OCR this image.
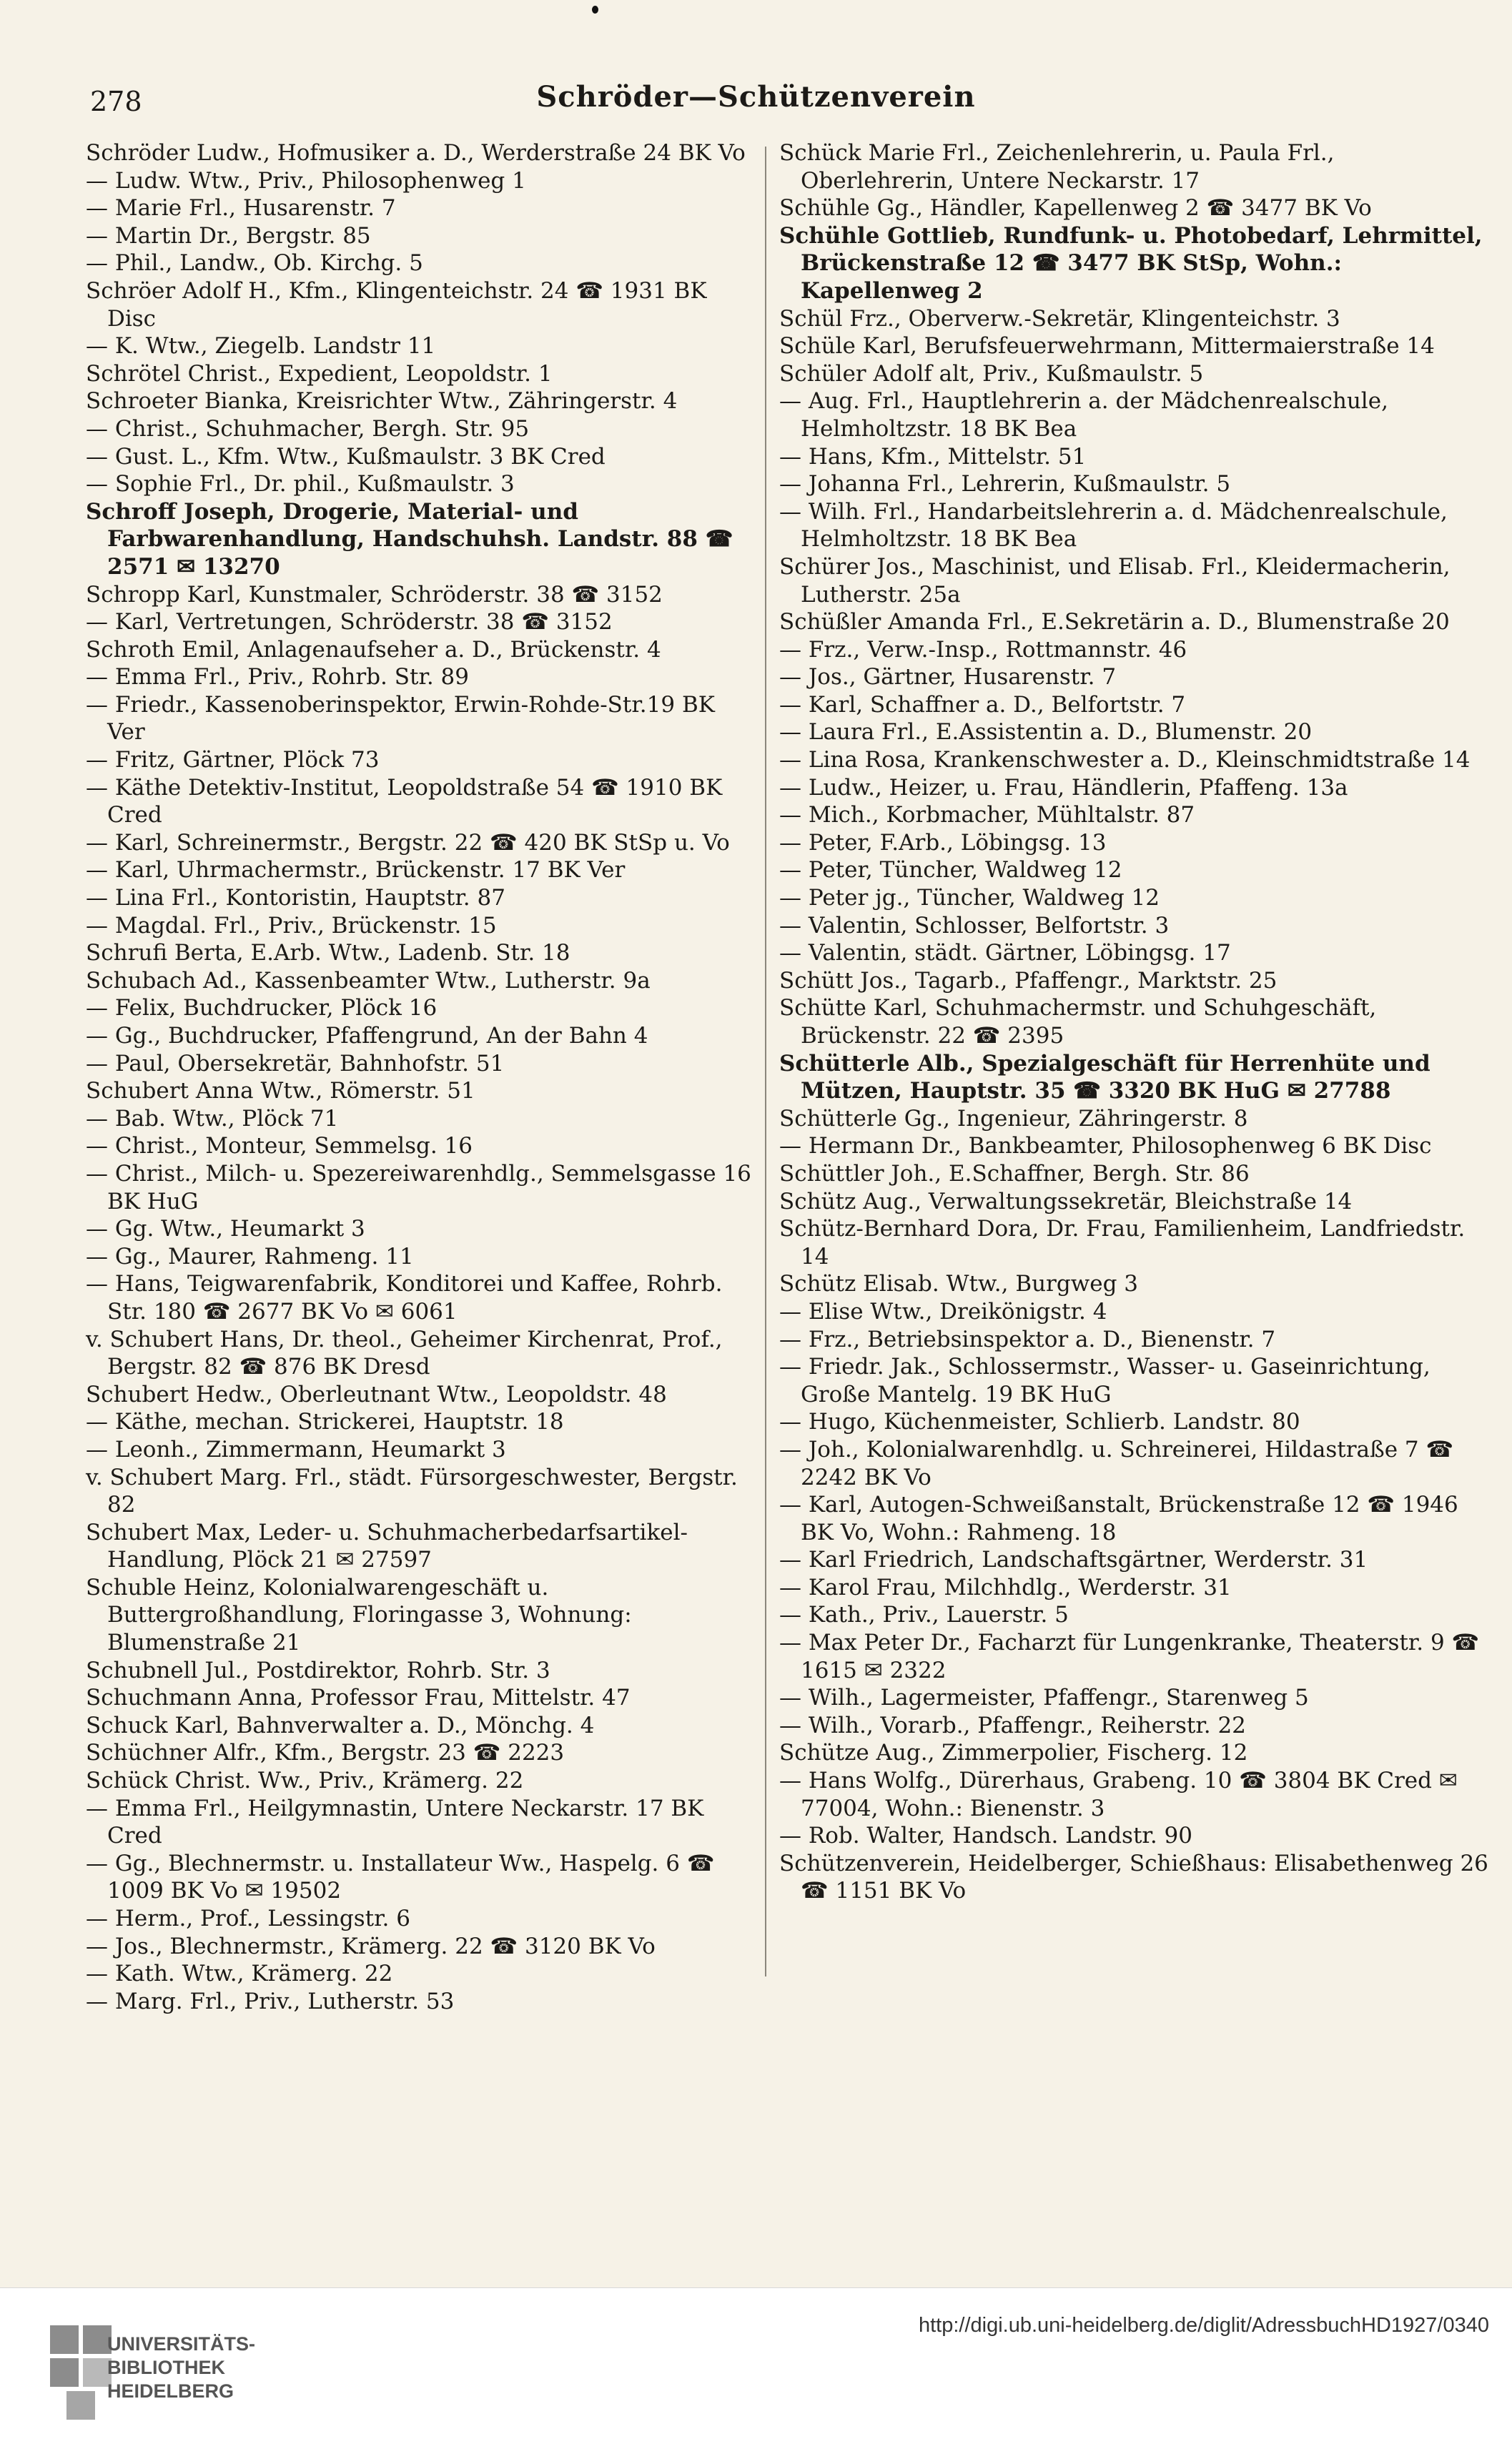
278	Schröder—Schützenverein
Schröder Ludw., Hofmusiker a. D., Werderstraße 24 BK Vo
— Ludw. Wtw., Priv., Philosophenweg 1
— Marie Frl., Husarenstr. 7
— Martin Dr., Bergstr. 85
— Phil., Landw., Ob. Kirchg. 5
Schröer Adolf H., Kfm., Klingenteichstr. 24 ☎ 1931 BK Disc
— K. Wtw., Ziegelb. Landstr 11
Schrötel Christ., Expedient, Leopoldstr. 1
Schroeter Bianka, Kreisrichter Wtw., Zähringerstr. 4
— Christ., Schuhmacher, Bergh. Str. 95
— Gust. L., Kfm. Wtw., Kußmaulstr. 3 BK Cred
— Sophie Frl., Dr. phil., Kußmaulstr. 3
Schroff Joseph, Drogerie, Material- und Farbwarenhandlung, Handschuhsh. Landstr. 88 ☎ 2571 ✉ 13270
Schropp Karl, Kunstmaler, Schröderstr. 38 ☎ 3152
— Karl, Vertretungen, Schröderstr. 38 ☎ 3152
Schroth Emil, Anlagenaufseher a. D., Brückenstr. 4
— Emma Frl., Priv., Rohrb. Str. 89
— Friedr., Kassenoberinspektor, Erwin-Rohde-Str.19 BK Ver
— Fritz, Gärtner, Plöck 73
— Käthe Detektiv-Institut, Leopoldstraße 54 ☎ 1910 BK Cred
— Karl, Schreinermstr., Bergstr. 22 ☎ 420 BK StSp u. Vo
— Karl, Uhrmachermstr., Brückenstr. 17 BK Ver
— Lina Frl., Kontoristin, Hauptstr. 87
— Magdal. Frl., Priv., Brückenstr. 15
Schrufi Berta, E.Arb. Wtw., Ladenb. Str. 18
Schubach Ad., Kassenbeamter Wtw., Lutherstr. 9a
— Felix, Buchdrucker, Plöck 16
— Gg., Buchdrucker, Pfaffengrund, An der Bahn 4
— Paul, Obersekretär, Bahnhofstr. 51
Schubert Anna Wtw., Römerstr. 51
— Bab. Wtw., Plöck 71
— Christ., Monteur, Semmelsg. 16
— Christ., Milch- u. Spezereiwarenhdlg., Semmelsgasse 16 BK HuG
— Gg. Wtw., Heumarkt 3
— Gg., Maurer, Rahmeng. 11
— Hans, Teigwarenfabrik, Konditorei und Kaffee, Rohrb. Str. 180 ☎ 2677 BK Vo ✉ 6061
v. Schubert Hans, Dr. theol., Geheimer Kirchenrat, Prof., Bergstr. 82 ☎ 876 BK Dresd
Schubert Hedw., Oberleutnant Wtw., Leopoldstr. 48
— Käthe, mechan. Strickerei, Hauptstr. 18
— Leonh., Zimmermann, Heumarkt 3
v. Schubert Marg. Frl., städt. Fürsorgeschwester, Bergstr. 82
Schubert Max, Leder- u. Schuhmacherbedarfsartikel-Handlung, Plöck 21 ✉ 27597
Schuble Heinz, Kolonialwarengeschäft u. Buttergroßhandlung, Floringasse 3, Wohnung: Blumenstraße 21
Schubnell Jul., Postdirektor, Rohrb. Str. 3
Schuchmann Anna, Professor Frau, Mittelstr. 47
Schuck Karl, Bahnverwalter a. D., Mönchg. 4
Schüchner Alfr., Kfm., Bergstr. 23 ☎ 2223
Schück Christ. Ww., Priv., Krämerg. 22
— Emma Frl., Heilgymnastin, Untere Neckarstr. 17 BK Cred
— Gg., Blechnermstr. u. Installateur Ww., Haspelg. 6 ☎ 1009 BK Vo ✉ 19502
— Herm., Prof., Lessingstr. 6
— Jos., Blechnermstr., Krämerg. 22 ☎ 3120 BK Vo
— Kath. Wtw., Krämerg. 22
— Marg. Frl., Priv., Lutherstr. 53
Schück Marie Frl., Zeichenlehrerin, u. Paula Frl., Oberlehrerin, Untere Neckarstr. 17
Schühle Gg., Händler, Kapellenweg 2 ☎ 3477 BK Vo
Schühle Gottlieb, Rundfunk- u. Photobedarf, Lehrmittel, Brückenstraße 12 ☎ 3477 BK StSp, Wohn.: Kapellenweg 2
Schül Frz., Oberverw.-Sekretär, Klingenteichstr. 3
Schüle Karl, Berufsfeuerwehrmann, Mittermaierstraße 14
Schüler Adolf alt, Priv., Kußmaulstr. 5
— Aug. Frl., Hauptlehrerin a. der Mädchenrealschule, Helmholtzstr. 18 BK Bea
— Hans, Kfm., Mittelstr. 51
— Johanna Frl., Lehrerin, Kußmaulstr. 5
— Wilh. Frl., Handarbeitslehrerin a. d. Mädchenrealschule, Helmholtzstr. 18 BK Bea
Schürer Jos., Maschinist, und Elisab. Frl., Kleidermacherin, Lutherstr. 25a
Schüßler Amanda Frl., E.Sekretärin a. D., Blumenstraße 20
— Frz., Verw.-Insp., Rottmannstr. 46
— Jos., Gärtner, Husarenstr. 7
— Karl, Schaffner a. D., Belfortstr. 7
— Laura Frl., E.Assistentin a. D., Blumenstr. 20
— Lina Rosa, Krankenschwester a. D., Kleinschmidtstraße 14
— Ludw., Heizer, u. Frau, Händlerin, Pfaffeng. 13a
— Mich., Korbmacher, Mühltalstr. 87
— Peter, F.Arb., Löbingsg. 13
— Peter, Tüncher, Waldweg 12
— Peter jg., Tüncher, Waldweg 12
— Valentin, Schlosser, Belfortstr. 3
— Valentin, städt. Gärtner, Löbingsg. 17
Schütt Jos., Tagarb., Pfaffengr., Marktstr. 25
Schütte Karl, Schuhmachermstr. und Schuhgeschäft, Brückenstr. 22 ☎ 2395
Schütterle Alb., Spezialgeschäft für Herrenhüte und Mützen, Hauptstr. 35 ☎ 3320 BK HuG ✉ 27788
Schütterle Gg., Ingenieur, Zähringerstr. 8
— Hermann Dr., Bankbeamter, Philosophenweg 6 BK Disc
Schüttler Joh., E.Schaffner, Bergh. Str. 86
Schütz Aug., Verwaltungssekretär, Bleichstraße 14
Schütz-Bernhard Dora, Dr. Frau, Familienheim, Landfriedstr. 14
Schütz Elisab. Wtw., Burgweg 3
— Elise Wtw., Dreikönigstr. 4
— Frz., Betriebsinspektor a. D., Bienenstr. 7
— Friedr. Jak., Schlossermstr., Wasser- u. Gaseinrichtung, Große Mantelg. 19 BK HuG
— Hugo, Küchenmeister, Schlierb. Landstr. 80
— Joh., Kolonialwarenhdlg. u. Schreinerei, Hildastraße 7 ☎ 2242 BK Vo
— Karl, Autogen-Schweißanstalt, Brückenstraße 12 ☎ 1946 BK Vo, Wohn.: Rahmeng. 18
— Karl Friedrich, Landschaftsgärtner, Werderstr. 31
— Karol Frau, Milchhdlg., Werderstr. 31
— Kath., Priv., Lauerstr. 5
— Max Peter Dr., Facharzt für Lungenkranke, Theaterstr. 9 ☎ 1615 ✉ 2322
— Wilh., Lagermeister, Pfaffengr., Starenweg 5
— Wilh., Vorarb., Pfaffengr., Reiherstr. 22
Schütze Aug., Zimmerpolier, Fischerg. 12
— Hans Wolfg., Dürerhaus, Grabeng. 10 ☎ 3804 BK Cred ✉ 77004, Wohn.: Bienenstr. 3
— Rob. Walter, Handsch. Landstr. 90
Schützenverein, Heidelberger, Schießhaus: Elisabethenweg 26 ☎ 1151 BK Vo
UNIVERSITÄTS-
BIBLIOTHEK
HEIDELBERG
http://digi.ub.uni-heidelberg.de/diglit/AdressbuchHD1927/0340
